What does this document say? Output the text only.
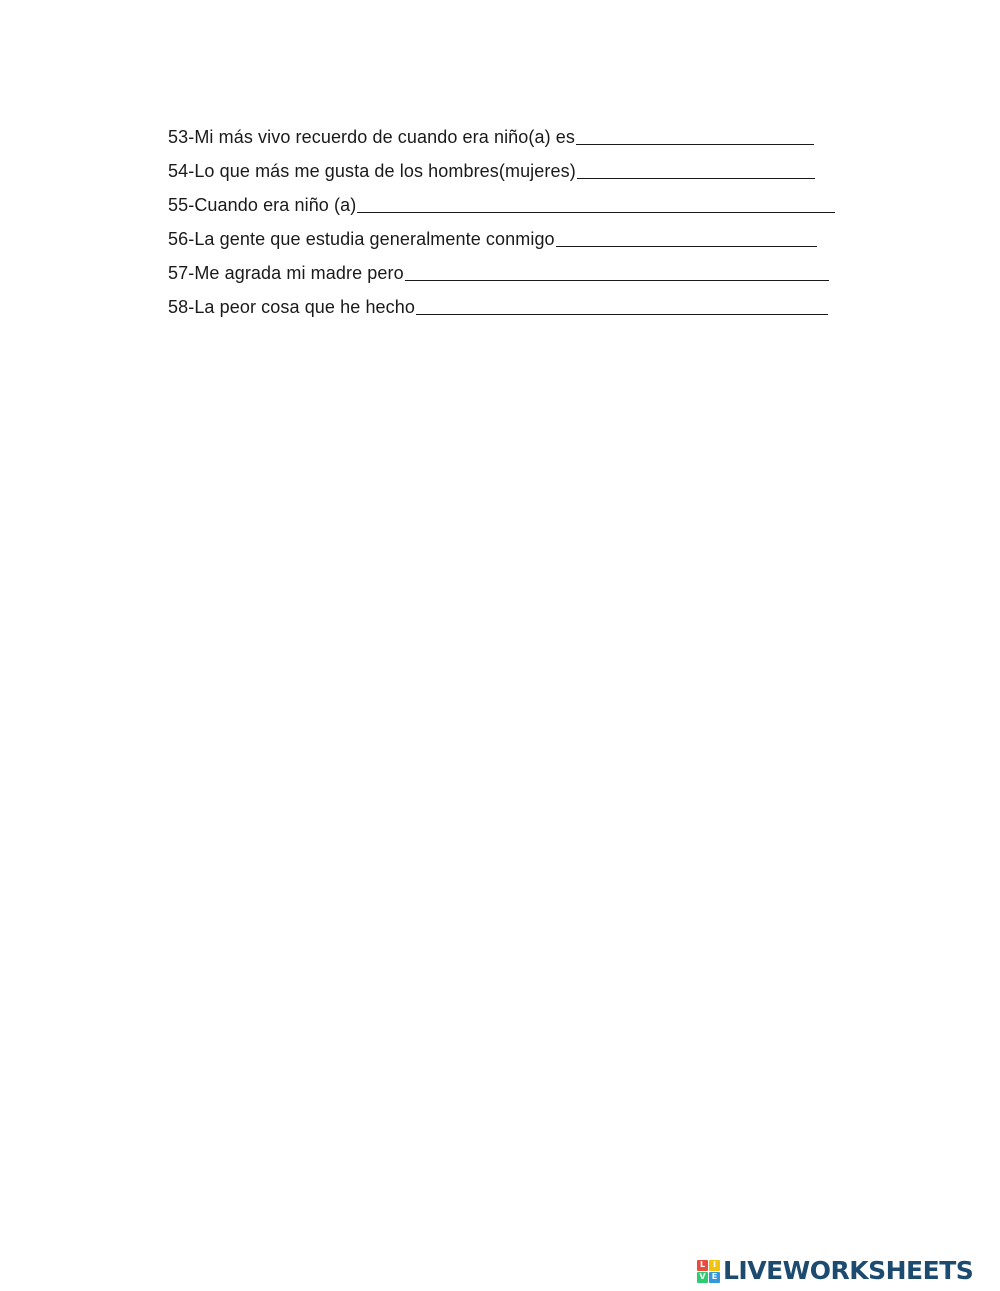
53-Mi más vivo recuerdo de cuando era niño(a) es
54-Lo que más me gusta de los hombres(mujeres)
55-Cuando era niño (a)
56-La gente que estudia generalmente conmigo
57-Me agrada mi madre pero
58-La peor cosa que he hecho
L I
V E LIVEWORKSHEETS
